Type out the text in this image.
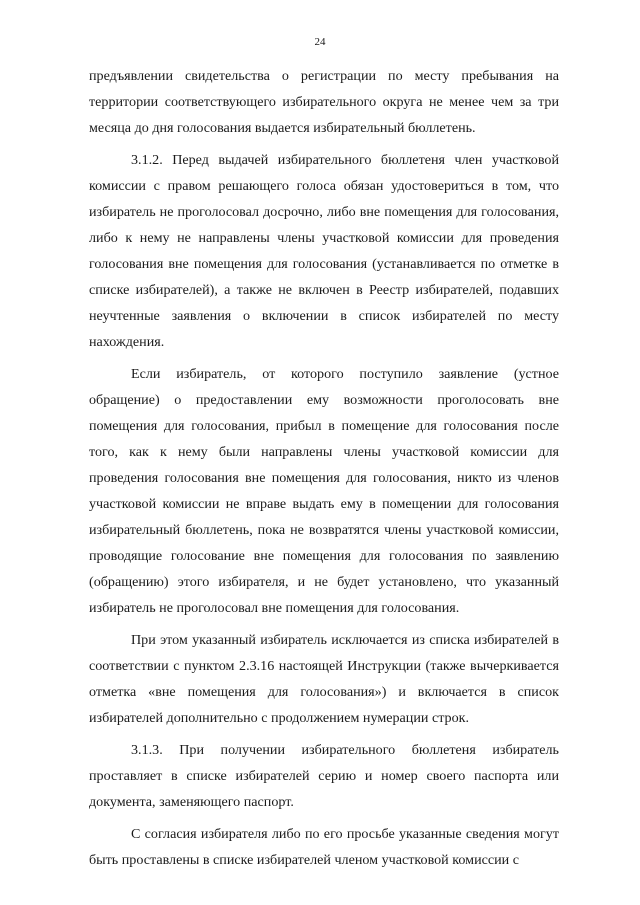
24

предъявлении свидетельства о регистрации по месту пребывания на территории соответствующего избирательного округа не менее чем за три месяца до дня голосования выдается избирательный бюллетень.

3.1.2. Перед выдачей избирательного бюллетеня член участковой комиссии с правом решающего голоса обязан удостовериться в том, что избиратель не проголосовал досрочно, либо вне помещения для голосования, либо к нему не направлены члены участковой комиссии для проведения голосования вне помещения для голосования (устанавливается по отметке в списке избирателей), а также не включен в Реестр избирателей, подавших неучтенные заявления о включении в список избирателей по месту нахождения.

Если избиратель, от которого поступило заявление (устное обращение) о предоставлении ему возможности проголосовать вне помещения для голосования, прибыл в помещение для голосования после того, как к нему были направлены члены участковой комиссии для проведения голосования вне помещения для голосования, никто из членов участковой комиссии не вправе выдать ему в помещении для голосования избирательный бюллетень, пока не возвратятся члены участковой комиссии, проводящие голосование вне помещения для голосования по заявлению (обращению) этого избирателя, и не будет установлено, что указанный избиратель не проголосовал вне помещения для голосования.

При этом указанный избиратель исключается из списка избирателей в соответствии с пунктом 2.3.16 настоящей Инструкции (также вычеркивается отметка «вне помещения для голосования») и включается в список избирателей дополнительно с продолжением нумерации строк.

3.1.3. При получении избирательного бюллетеня избиратель проставляет в списке избирателей серию и номер своего паспорта или документа, заменяющего паспорт.

С согласия избирателя либо по его просьбе указанные сведения могут быть проставлены в списке избирателей членом участковой комиссии с
